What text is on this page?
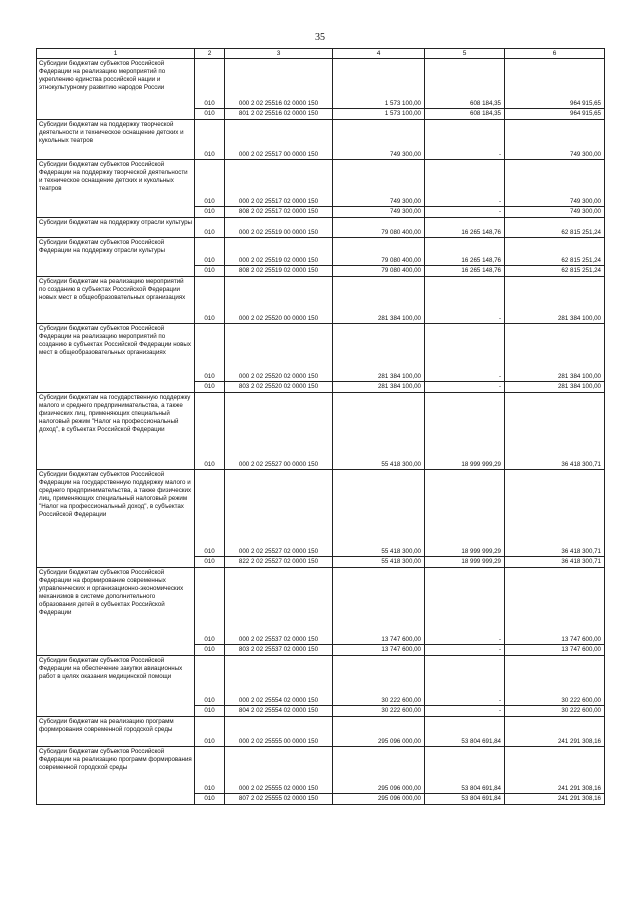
35
1	2	3	4	5	6
Субсидии бюджетам субъектов Российской Федерации на реализацию мероприятий по укреплению единства российской нации и этнокультурному развитию народов России	010	000 2 02 25516 02 0000 150	1 573 100,00	608 184,35	964 915,65
	010	801 2 02 25516 02 0000 150	1 573 100,00	608 184,35	964 915,65
Субсидии бюджетам на поддержку творческой деятельности и техническое оснащение детских и кукольных театров	010	000 2 02 25517 00 0000 150	749 300,00	-	749 300,00
Субсидии бюджетам субъектов Российской Федерации на поддержку творческой деятельности и техническое оснащение детских и кукольных театров	010	000 2 02 25517 02 0000 150	749 300,00	-	749 300,00
	010	808 2 02 25517 02 0000 150	749 300,00	-	749 300,00
Субсидии бюджетам на поддержку отрасли культуры	010	000 2 02 25519 00 0000 150	79 080 400,00	16 265 148,76	62 815 251,24
Субсидии бюджетам субъектов Российской Федерации на поддержку отрасли культуры	010	000 2 02 25519 02 0000 150	79 080 400,00	16 265 148,76	62 815 251,24
	010	808 2 02 25519 02 0000 150	79 080 400,00	16 265 148,76	62 815 251,24
Субсидии бюджетам на реализацию мероприятий по созданию в субъектах Российской Федерации новых мест в общеобразовательных организациях	010	000 2 02 25520 00 0000 150	281 384 100,00	-	281 384 100,00
Субсидии бюджетам субъектов Российской Федерации на реализацию мероприятий по созданию в субъектах Российской Федерации новых мест в общеобразовательных организациях	010	000 2 02 25520 02 0000 150	281 384 100,00	-	281 384 100,00
	010	803 2 02 25520 02 0000 150	281 384 100,00	-	281 384 100,00
Субсидии бюджетам на государственную поддержку малого и среднего предпринимательства, а также физических лиц, применяющих специальный налоговый режим "Налог на профессиональный доход", в субъектах Российской Федерации	010	000 2 02 25527 00 0000 150	55 418 300,00	18 999 999,29	36 418 300,71
Субсидии бюджетам субъектов Российской Федерации на государственную поддержку малого и среднего предпринимательства, а также физических лиц, применяющих специальный налоговый режим "Налог на профессиональный доход", в субъектах Российской Федерации	010	000 2 02 25527 02 0000 150	55 418 300,00	18 999 999,29	36 418 300,71
	010	822 2 02 25527 02 0000 150	55 418 300,00	18 999 999,29	36 418 300,71
Субсидии бюджетам субъектов Российской Федерации на формирование современных управленческих и организационно-экономических механизмов в системе дополнительного образования детей в субъектах Российской Федерации	010	000 2 02 25537 02 0000 150	13 747 600,00	-	13 747 600,00
	010	803 2 02 25537 02 0000 150	13 747 600,00	-	13 747 600,00
Субсидии бюджетам субъектов Российской Федерации на обеспечение закупки авиационных работ в целях оказания медицинской помощи	010	000 2 02 25554 02 0000 150	30 222 600,00	-	30 222 600,00
	010	804 2 02 25554 02 0000 150	30 222 600,00	-	30 222 600,00
Субсидии бюджетам на реализацию программ формирования современной городской среды	010	000 2 02 25555 00 0000 150	295 096 000,00	53 804 691,84	241 291 308,16
Субсидии бюджетам субъектов Российской Федерации на реализацию программ формирования современной городской среды	010	000 2 02 25555 02 0000 150	295 096 000,00	53 804 691,84	241 291 308,16
	010	807 2 02 25555 02 0000 150	295 096 000,00	53 804 691,84	241 291 308,16
